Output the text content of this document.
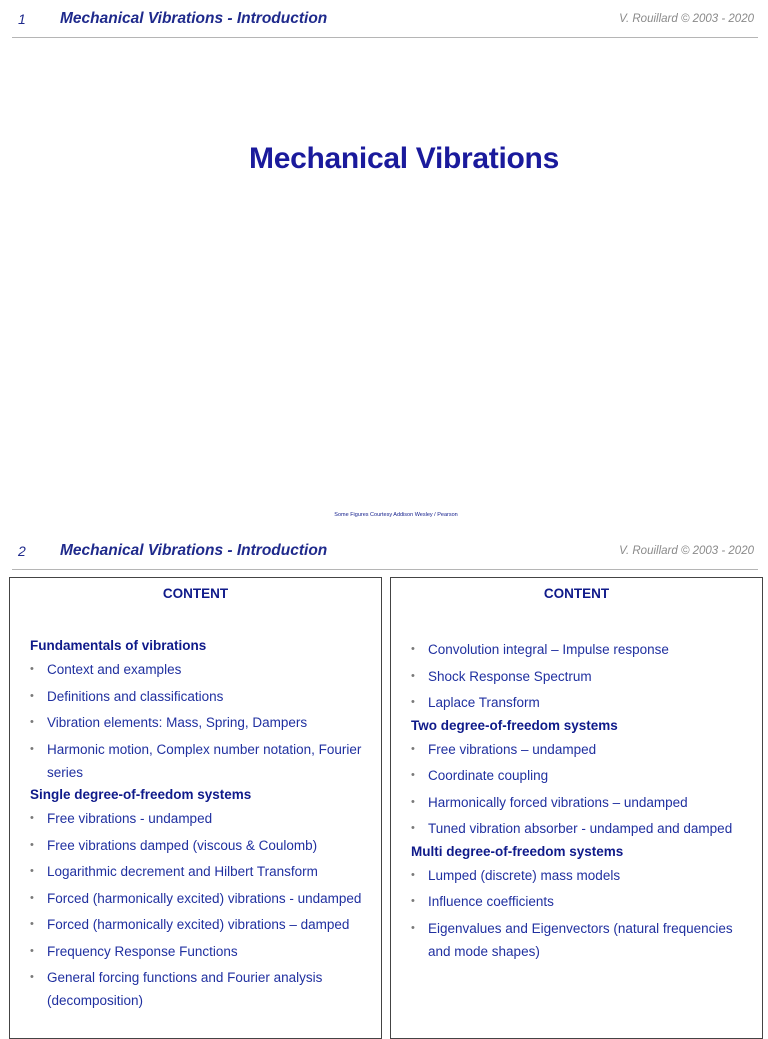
1 Mechanical Vibrations - Introduction	V. Rouillard © 2003 - 2020
Mechanical Vibrations
Some Figures Courtesy Addison Wesley / Pearson
2 Mechanical Vibrations - Introduction	V. Rouillard © 2003 - 2020
CONTENT
Fundamentals of vibrations
• Context and examples
• Definitions and classifications
• Vibration elements: Mass, Spring, Dampers
• Harmonic motion, Complex number notation, Fourier series
Single degree-of-freedom systems
• Free vibrations - undamped
• Free vibrations damped (viscous & Coulomb)
• Logarithmic decrement and Hilbert Transform
• Forced (harmonically excited) vibrations - undamped
• Forced (harmonically excited) vibrations – damped
• Frequency Response Functions
• General forcing functions and Fourier analysis (decomposition)
CONTENT
• Convolution integral – Impulse response
• Shock Response Spectrum
• Laplace Transform
Two degree-of-freedom systems
• Free vibrations – undamped
• Coordinate coupling
• Harmonically forced vibrations – undamped
• Tuned vibration absorber - undamped and damped
Multi degree-of-freedom systems
• Lumped (discrete) mass models
• Influence coefficients
• Eigenvalues and Eigenvectors (natural frequencies and mode shapes)
